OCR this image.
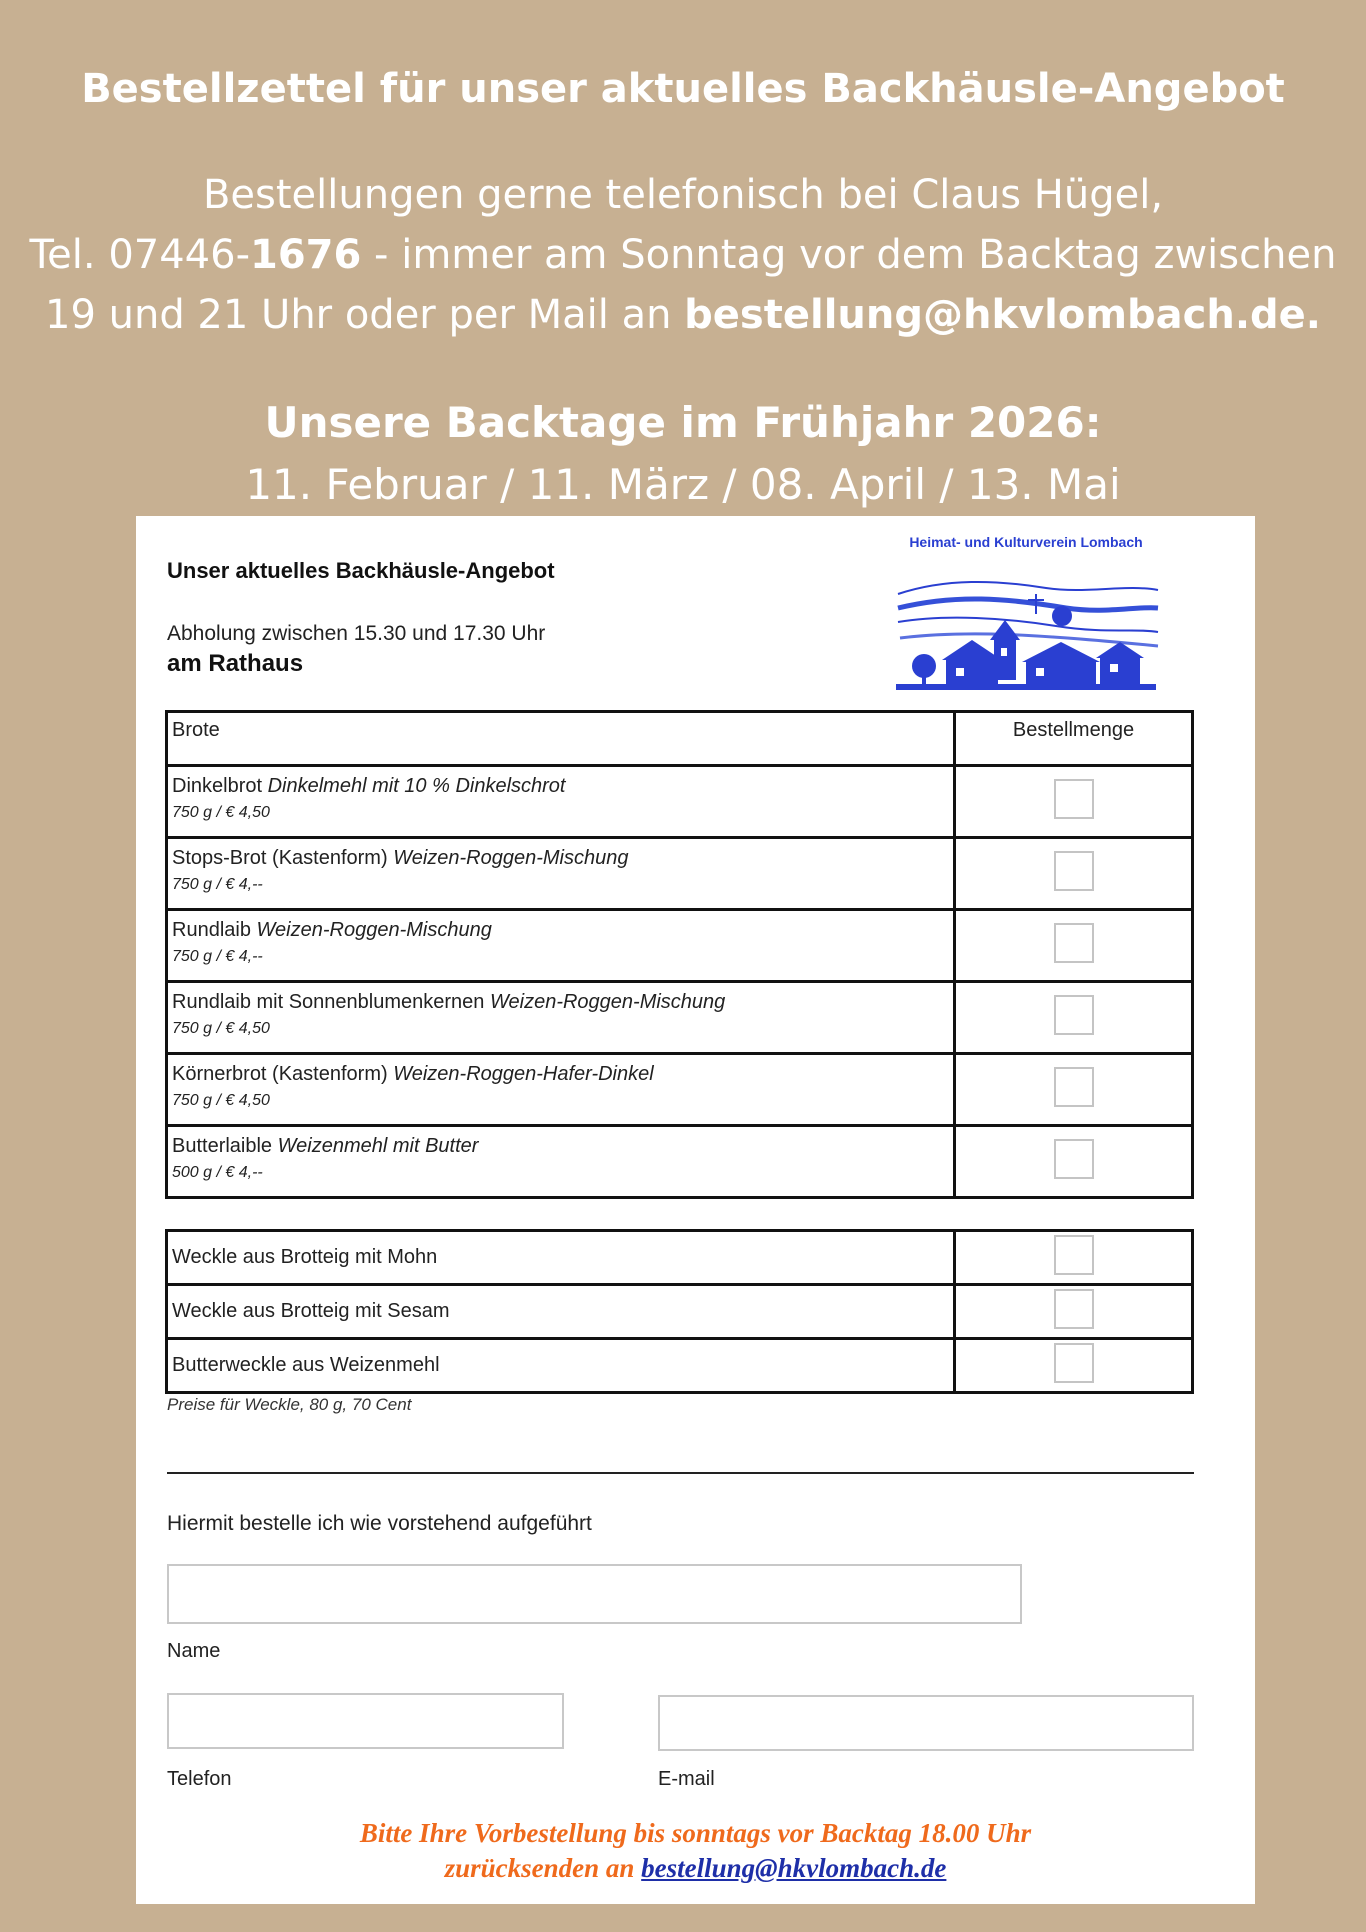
Bestellzettel für unser aktuelles Backhäusle-Angebot
Bestellungen gerne telefonisch bei Claus Hügel,
Tel. 07446-1676 - immer am Sonntag vor dem Backtag zwischen
19 und 21 Uhr oder per Mail an bestellung@hkvlombach.de.
Unsere Backtage im Frühjahr 2026:
11. Februar / 11. März / 08. April / 13. Mai
Unser aktuelles Backhäusle-Angebot
Abholung zwischen 15.30 und 17.30 Uhr
am Rathaus
Heimat- und Kulturverein Lombach
Brote	Bestellmenge
Dinkelbrot Dinkelmehl mit 10 % Dinkelschrot
750 g / € 4,50	

Stops-Brot (Kastenform) Weizen-Roggen-Mischung
750 g / € 4,--	

Rundlaib Weizen-Roggen-Mischung
750 g / € 4,--	

Rundlaib mit Sonnenblumenkernen Weizen-Roggen-Mischung
750 g / € 4,50	

Körnerbrot (Kastenform) Weizen-Roggen-Hafer-Dinkel
750 g / € 4,50	

Butterlaible Weizenmehl mit Butter
500 g / € 4,--	

Weckle aus Brotteig mit Mohn	
Weckle aus Brotteig mit Sesam	
Butterweckle aus Weizenmehl	
Preise für Weckle, 80 g, 70 Cent
Hiermit bestelle ich wie vorstehend aufgeführt
Name
Telefon	E-mail
Bitte Ihre Vorbestellung bis sonntags vor Backtag 18.00 Uhr
zurücksenden an bestellung@hkvlombach.de
